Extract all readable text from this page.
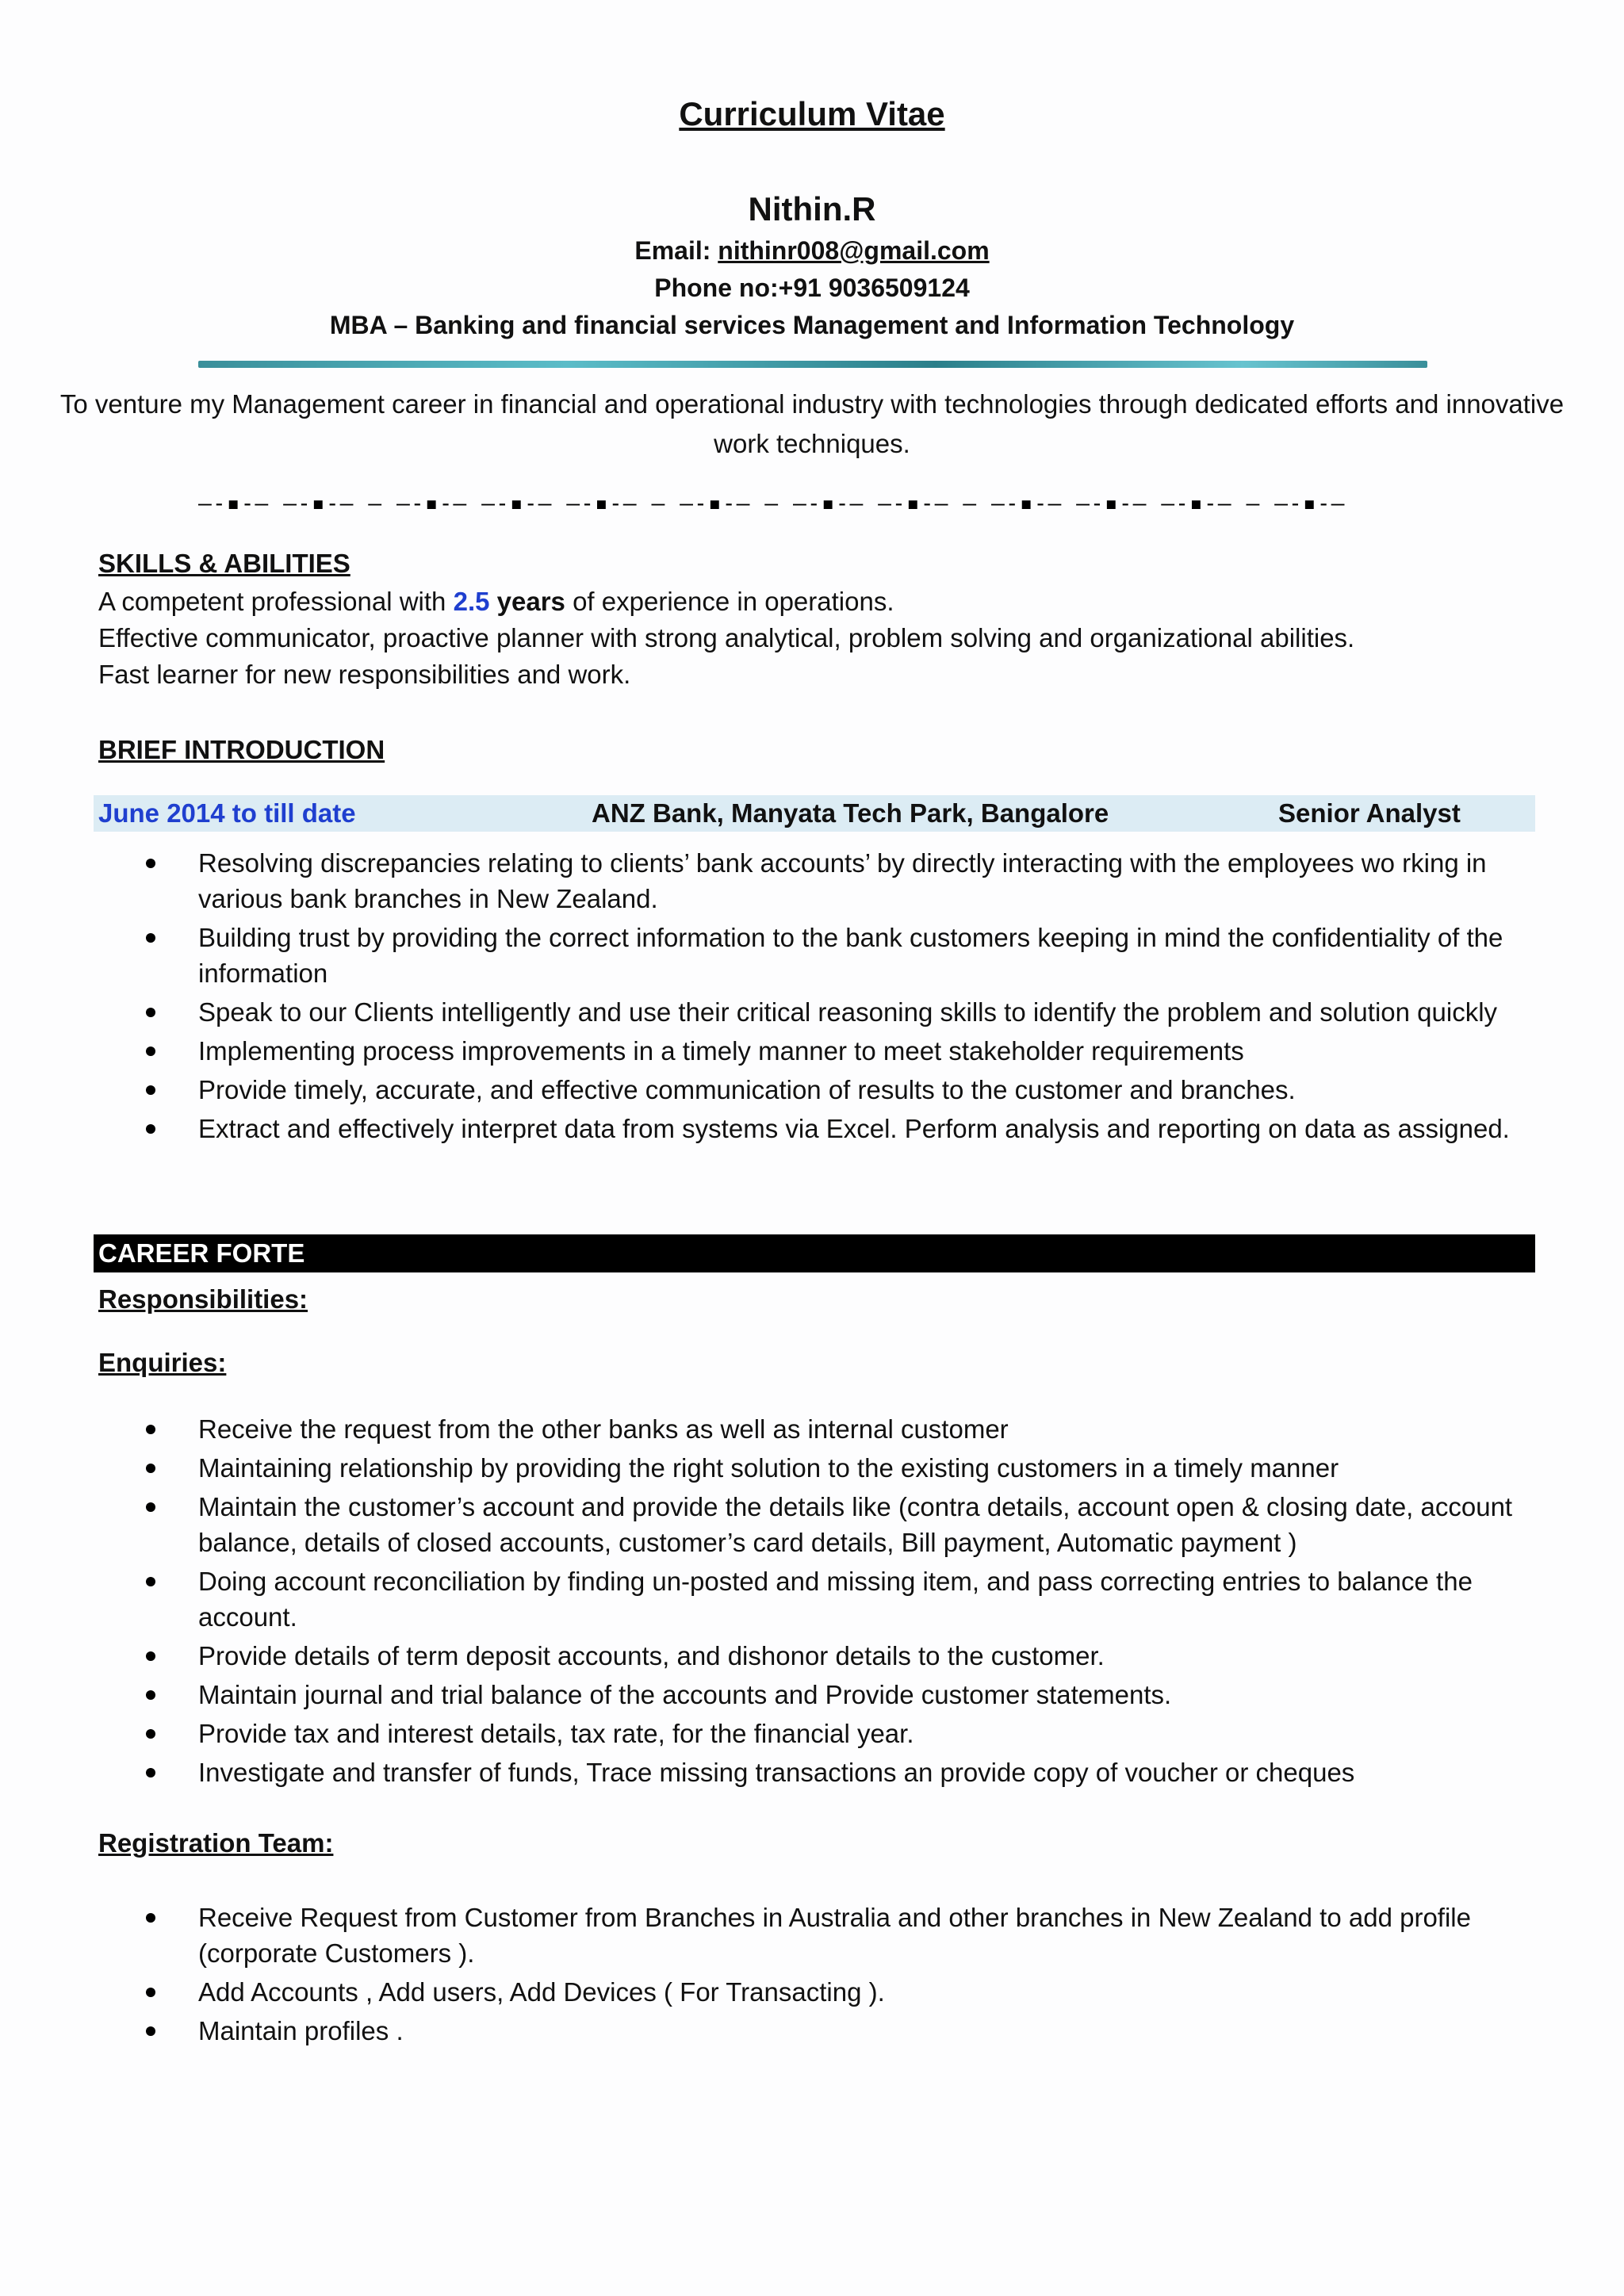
Curriculum Vitae
Nithin.R
Email: nithinr008@gmail.com
Phone no:+91 9036509124
MBA – Banking and financial services Management and Information Technology
To venture my Management career in financial and operational industry with technologies through dedicated efforts and innovative work techniques.
—-▪-— —-▪-— — —-▪-— —-▪-— —-▪-— — —-▪-— — —-▪-— —-▪-— — —-▪-— —-▪-— —-▪-— — —-▪-–
SKILLS & ABILITIES
A competent professional with 2.5 years of experience in operations.
Effective communicator, proactive planner with strong analytical, problem solving and organizational abilities.
Fast learner for new responsibilities and work.
BRIEF INTRODUCTION
June 2014 to till date	ANZ Bank, Manyata Tech Park, Bangalore	Senior Analyst
Resolving discrepancies relating to clients’ bank accounts’ by directly interacting with the employees wo rking in various bank branches in New Zealand.
Building trust by providing the correct information to the bank customers keeping in mind the confidentiality of the information
Speak to our Clients intelligently and use their critical reasoning skills to identify the problem and solution quickly
Implementing process improvements in a timely manner to meet stakeholder requirements
Provide timely, accurate, and effective communication of results to the customer and branches.
Extract and effectively interpret data from systems via Excel. Perform analysis and reporting on data as assigned.
CAREER FORTE
Responsibilities:
Enquiries:
Receive the request from the other banks as well as internal customer
Maintaining relationship by providing the right solution to the existing customers in a timely manner
Maintain the customer’s account and provide the details like (contra details, account open & closing date, account balance, details of closed accounts, customer’s card details, Bill payment, Automatic payment )
Doing account reconciliation by finding un-posted and missing item, and pass correcting entries to balance the account.
Provide details of term deposit accounts, and dishonor details to the customer.
Maintain journal and trial balance of the accounts and Provide customer statements.
Provide tax and interest details, tax rate, for the financial year.
Investigate and transfer of funds, Trace missing transactions an provide copy of voucher or cheques
Registration Team:
Receive Request from Customer from Branches in Australia and other branches in New Zealand to add profile (corporate Customers ).
Add Accounts , Add users, Add Devices ( For Transacting ).
Maintain profiles .
